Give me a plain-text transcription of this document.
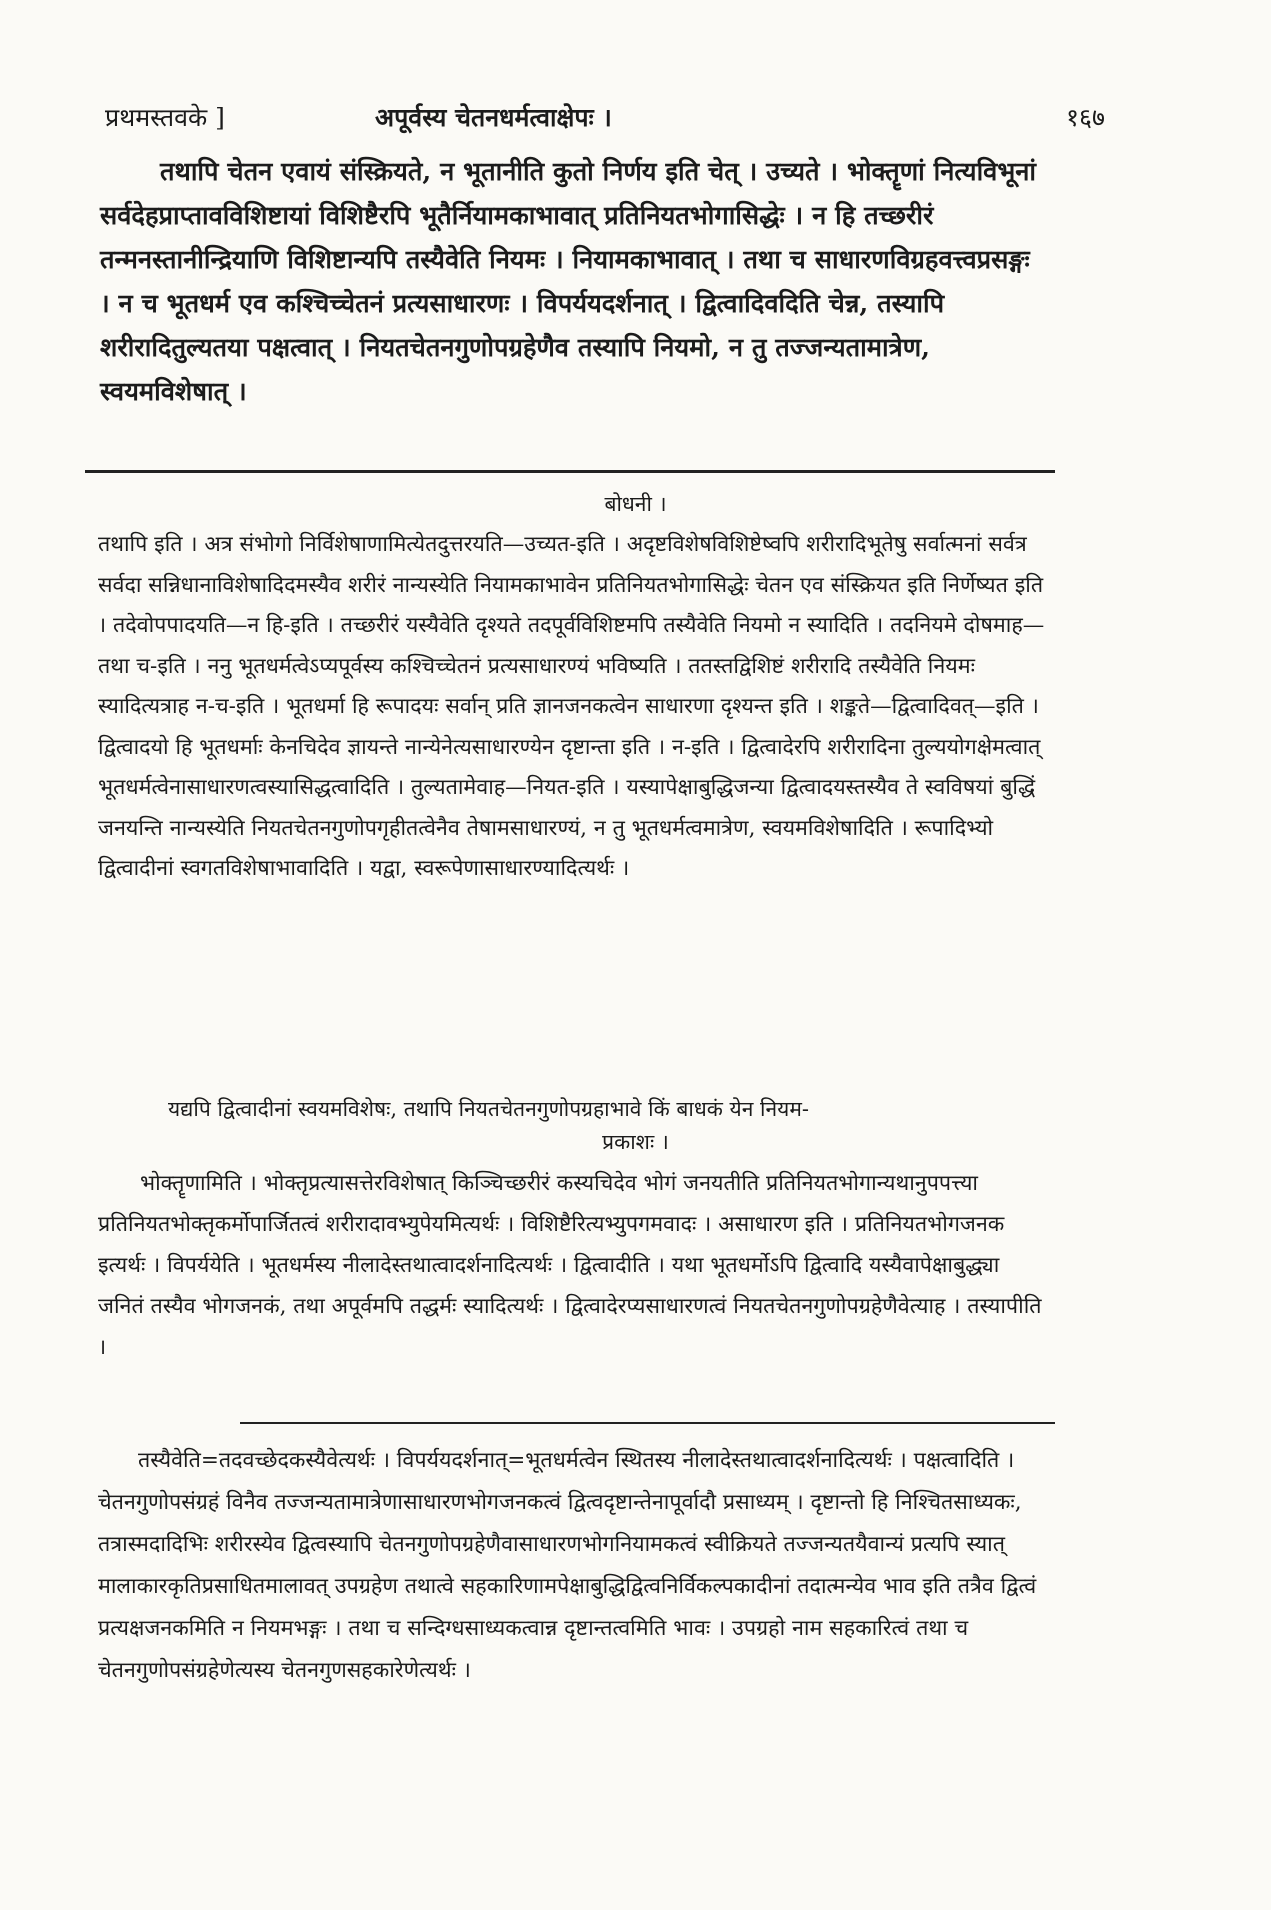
प्रथमस्तवके ]	अपूर्वस्य चेतनधर्मत्वाक्षेपः ।	१६७

तथापि चेतन एवायं संस्क्रियते, न भूतानीति कुतो निर्णय इति चेत् । उच्यते । भोक्तॄणां नित्यविभूनां सर्वदेहप्राप्तावविशिष्टायां विशिष्टैरपि भूतैर्नियामकाभावात् प्रतिनियतभोगासिद्धेः । न हि तच्छरीरं तन्मनस्तानीन्द्रियाणि विशिष्टान्यपि तस्यैवेति नियमः । नियामकाभावात् । तथा च साधारणविग्रहवत्त्वप्रसङ्गः । न च भूतधर्म एव कश्चिच्चेतनं प्रत्यसाधारणः । विपर्ययदर्शनात् । द्वित्वादिवदिति चेन्न, तस्यापि शरीरादितुल्यतया पक्षत्वात् । नियतचेतनगुणोपग्रहेणैव तस्यापि नियमो, न तु तज्जन्यतामात्रेण, स्वयमविशेषात् ।

बोधनी ।

तथापि इति । अत्र संभोगो निर्विशेषाणामित्येतदुत्तरयति—उच्यत-इति । अदृष्टविशेषविशिष्टेष्वपि शरीरादिभूतेषु सर्वात्मनां सर्वत्र सर्वदा सन्निधानाविशेषादिदमस्यैव शरीरं नान्यस्येति नियामकाभावेन प्रतिनियतभोगासिद्धेः चेतन एव संस्क्रियत इति निर्णेष्यत इति । तदेवोपपादयति—न हि-इति । तच्छरीरं यस्यैवेति दृश्यते तदपूर्वविशिष्टमपि तस्यैवेति नियमो न स्यादिति । तदनियमे दोषमाह—तथा च-इति । ननु भूतधर्मत्वेऽप्यपूर्वस्य कश्चिच्चेतनं प्रत्यसाधारण्यं भविष्यति । ततस्तद्विशिष्टं शरीरादि तस्यैवेति नियमः स्यादित्यत्राह न-च-इति । भूतधर्मा हि रूपादयः सर्वान् प्रति ज्ञानजनकत्वेन साधारणा दृश्यन्त इति । शङ्कते—द्वित्वादिवत्—इति । द्वित्वादयो हि भूतधर्माः केनचिदेव ज्ञायन्ते नान्येनेत्यसाधारण्येन दृष्टान्ता इति । न-इति । द्वित्वादेरपि शरीरादिना तुल्ययोगक्षेमत्वात् भूतधर्मत्वेनासाधारणत्वस्यासिद्धत्वादिति । तुल्यतामेवाह—नियत-इति । यस्यापेक्षाबुद्धिजन्या द्वित्वादयस्तस्यैव ते स्वविषयां बुद्धिं जनयन्ति नान्यस्येति नियतचेतनगुणोपगृहीतत्वेनैव तेषामसाधारण्यं, न तु भूतधर्मत्वमात्रेण, स्वयमविशेषादिति । रूपादिभ्यो द्वित्वादीनां स्वगतविशेषाभावादिति । यद्वा, स्वरूपेणासाधारण्यादित्यर्थः ।

यद्यपि द्वित्वादीनां स्वयमविशेषः, तथापि नियतचेतनगुणोपग्रहाभावे किं बाधकं येन नियम-
प्रकाशः ।

भोक्तॄणामिति । भोक्तृप्रत्यासत्तेरविशेषात् किञ्चिच्छरीरं कस्यचिदेव भोगं जनयतीति प्रतिनियतभोगान्यथानुपपत्त्या प्रतिनियतभोक्तृकर्मोपार्जितत्वं शरीरादावभ्युपेयमित्यर्थः । विशिष्टैरित्यभ्युपगमवादः । असाधारण इति । प्रतिनियतभोगजनक इत्यर्थः । विपर्ययेति । भूतधर्मस्य नीलादेस्तथात्वादर्शनादित्यर्थः । द्वित्वादीति । यथा भूतधर्मोऽपि द्वित्वादि यस्यैवापेक्षाबुद्ध्या जनितं तस्यैव भोगजनकं, तथा अपूर्वमपि तद्धर्मः स्यादित्यर्थः । द्वित्वादेरप्यसाधारणत्वं नियतचेतनगुणोपग्रहेणैवेत्याह । तस्यापीति ।

तस्यैवेति=तदवच्छेदकस्यैवेत्यर्थः । विपर्ययदर्शनात्=भूतधर्मत्वेन स्थितस्य नीलादेस्तथात्वादर्शनादित्यर्थः । पक्षत्वादिति । चेतनगुणोपसंग्रहं विनैव तज्जन्यतामात्रेणासाधारणभोगजनकत्वं द्वित्वदृष्टान्तेनापूर्वादौ प्रसाध्यम् । दृष्टान्तो हि निश्चितसाध्यकः, तत्रास्मदादिभिः शरीरस्येव द्वित्वस्यापि चेतनगुणोपग्रहेणैवासाधारणभोगनियामकत्वं स्वीक्रियते तज्जन्यतयैवान्यं प्रत्यपि स्यात् मालाकारकृतिप्रसाधितमालावत् उपग्रहेण तथात्वे सहकारिणामपेक्षाबुद्धिद्वित्वनिर्विकल्पकादीनां तदात्मन्येव भाव इति तत्रैव द्वित्वं प्रत्यक्षजनकमिति न नियमभङ्गः । तथा च सन्दिग्धसाध्यकत्वान्न दृष्टान्तत्वमिति भावः । उपग्रहो नाम सहकारित्वं तथा च चेतनगुणोपसंग्रहेणेत्यस्य चेतनगुणसहकारेणेत्यर्थः ।
